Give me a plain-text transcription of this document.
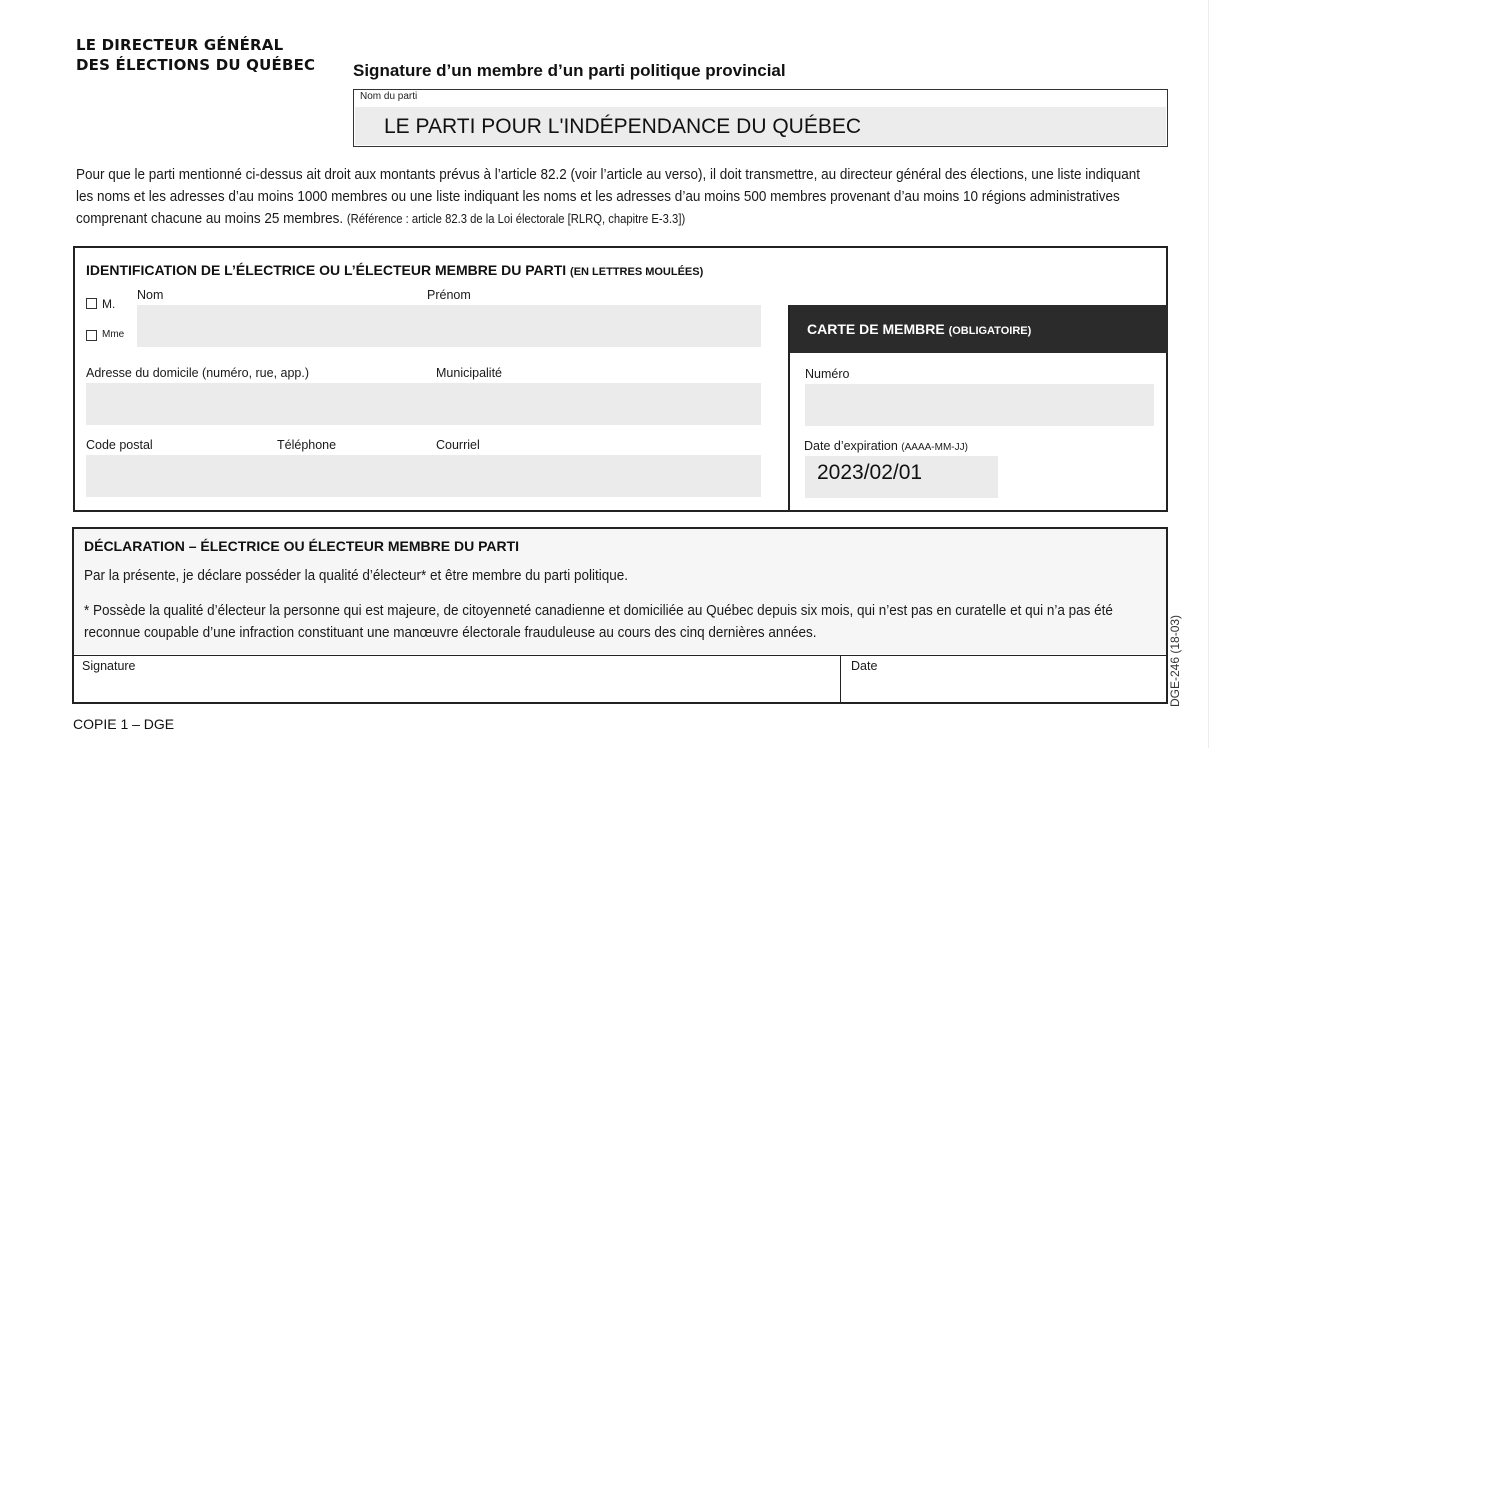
LE DIRECTEUR GÉNÉRAL
DES ÉLECTIONS DU QUÉBEC Signature d’un membre d’un parti politique provincial
Nom du parti
LE PARTI POUR L'INDÉPENDANCE DU QUÉBEC
Pour que le parti mentionné ci-dessus ait droit aux montants prévus à l’article 82.2 (voir l’article au verso), il doit transmettre, au directeur général des élections, une liste indiquant les noms et les adresses d’au moins 1000 membres ou une liste indiquant les noms et les adresses d’au moins 500 membres provenant d’au moins 10 régions administratives comprenant chacune au moins 25 membres. (Référence : article 82.3 de la Loi électorale [RLRQ, chapitre E-3.3])
IDENTIFICATION DE L’ÉLECTRICE OU L’ÉLECTEUR MEMBRE DU PARTI (EN LETTRES MOULÉES)
M.
Mme
Nom	Prénom
Adresse du domicile (numéro, rue, app.)	Municipalité
Code postal	Téléphone	Courriel
CARTE DE MEMBRE (OBLIGATOIRE)
Numéro
Date d’expiration (AAAA-MM-JJ)
2023/02/01
DÉCLARATION – ÉLECTRICE OU ÉLECTEUR MEMBRE DU PARTI
Par la présente, je déclare posséder la qualité d’électeur* et être membre du parti politique.
* Possède la qualité d’électeur la personne qui est majeure, de citoyenneté canadienne et domiciliée au Québec depuis six mois, qui n’est pas en curatelle et qui n’a pas été reconnue coupable d’une infraction constituant une manœuvre électorale frauduleuse au cours des cinq dernières années.
Signature	Date	DGE-246 (18-03)
COPIE 1 – DGE
